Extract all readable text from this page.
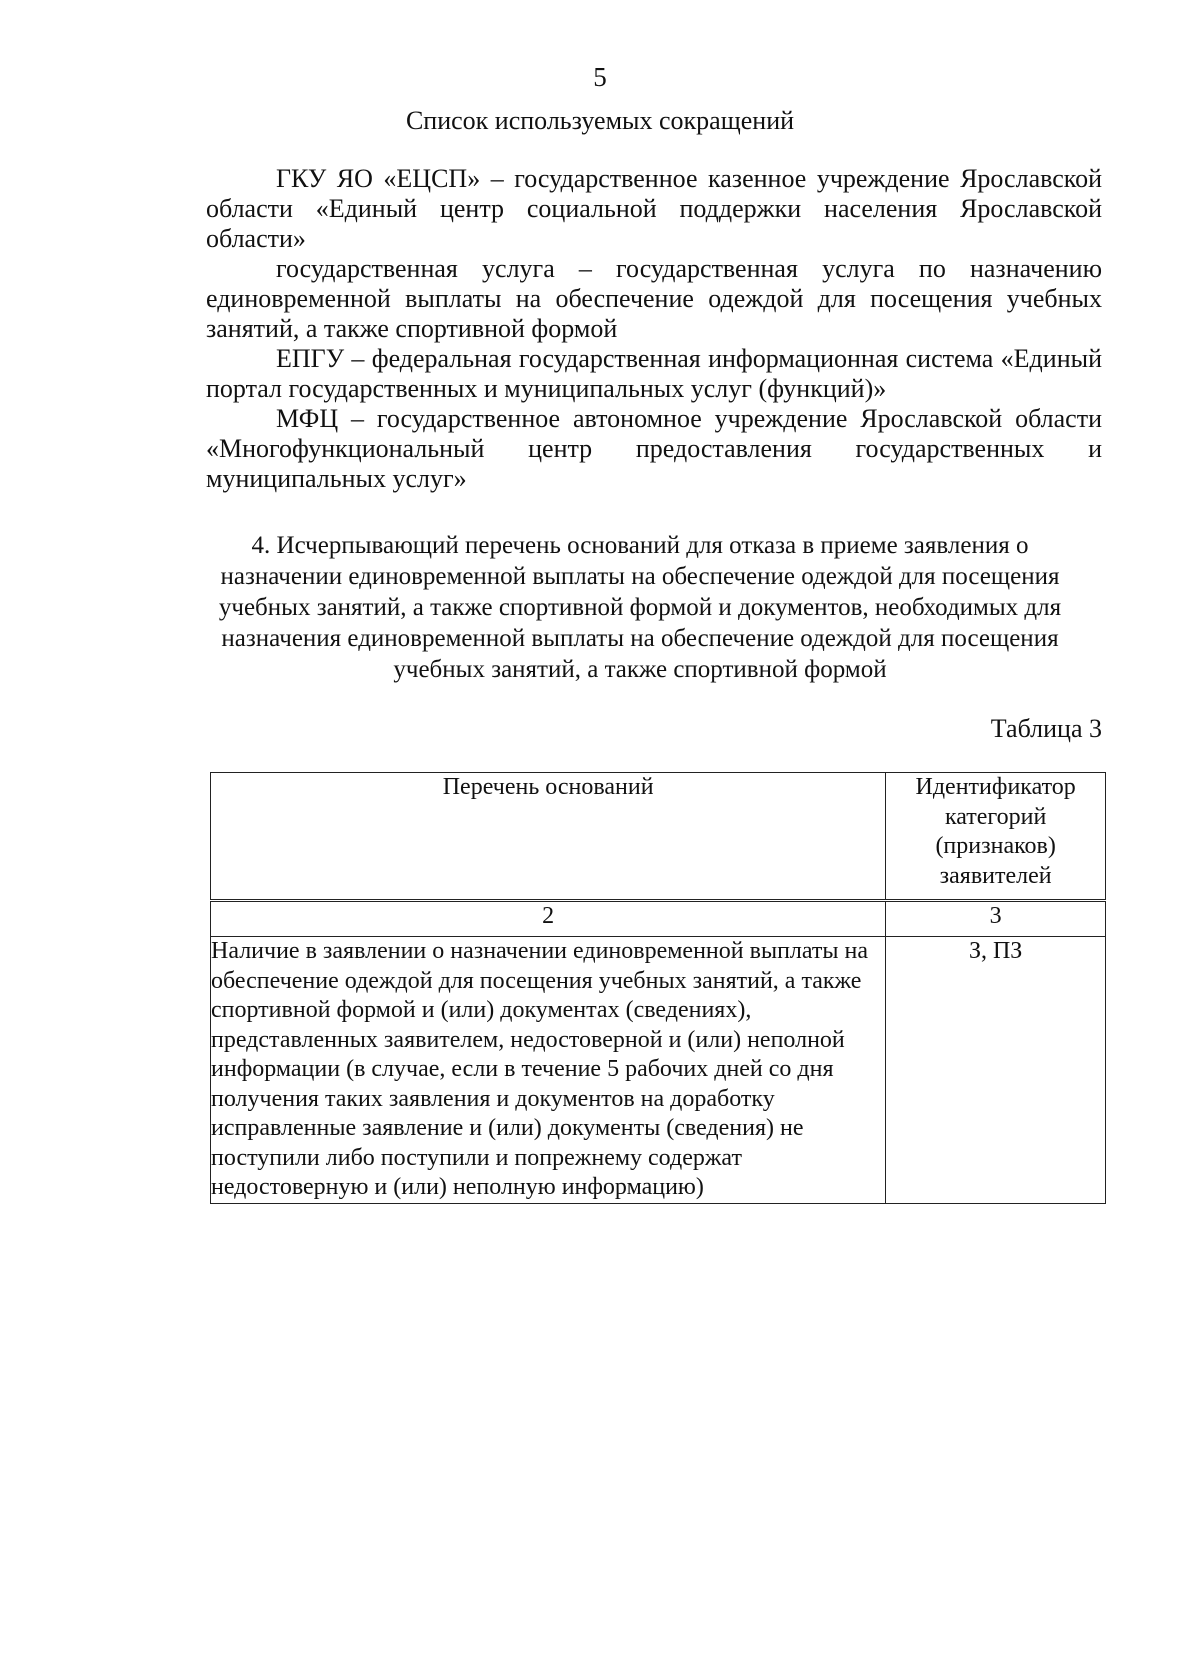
5
Список используемых сокращений

ГКУ ЯО «ЕЦСП» – государственное казенное учреждение Ярославской области «Единый центр социальной поддержки населения Ярославской области»

государственная услуга – государственная услуга по назначению единовременной выплаты на обеспечение одеждой для посещения учебных занятий, а также спортивной формой

ЕПГУ – федеральная государственная информационная система «Единый портал государственных и муниципальных услуг (функций)»

МФЦ – государственное автономное учреждение Ярославской области «Многофункциональный центр предоставления государственных и муниципальных услуг»

4. Исчерпывающий перечень оснований для отказа в приеме заявления о назначении единовременной выплаты на обеспечение одеждой для посещения учебных занятий, а также спортивной формой и документов, необходимых для назначения единовременной выплаты на обеспечение одеждой для посещения учебных занятий, а также спортивной формой
Таблица 3
Перечень оснований	Идентификатор категорий (признаков) заявителей
2	3
Наличие в заявлении о назначении единовременной выплаты на обеспечение одеждой для посещения учебных занятий, а также спортивной формой и (или) документах (сведениях), представленных заявителем, недостоверной и (или) неполной информации (в случае, если в течение 5 рабочих дней со дня получения таких заявления и документов на доработку исправленные заявление и (или) документы (сведения) не поступили либо поступили и попрежнему содержат недостоверную и (или) неполную информацию)	З, ПЗ
